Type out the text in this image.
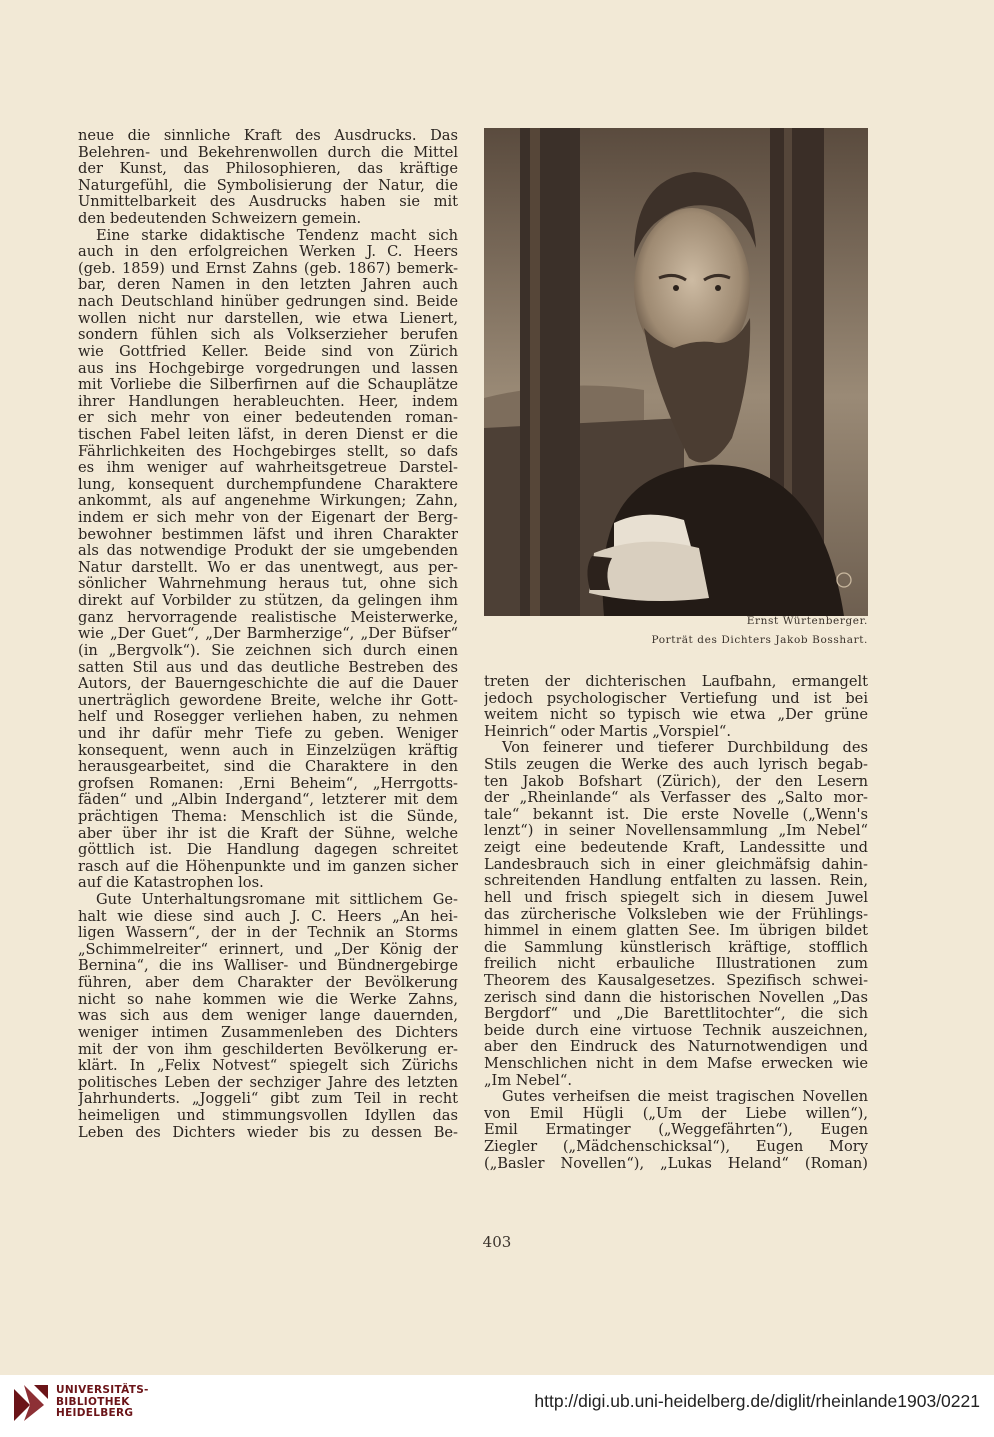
neue die sinnliche Kraft des Ausdrucks. Das
Belehren- und Bekehrenwollen durch die Mittel
der Kunst, das Philosophieren, das kräftige
Naturgefühl, die Symbolisierung der Natur, die
Unmittelbarkeit des Ausdrucks haben sie mit
den bedeutenden Schweizern gemein.
Eine starke didaktische Tendenz macht sich
auch in den erfolgreichen Werken J. C. Heers
(geb. 1859) und Ernst Zahns (geb. 1867) bemerk-
bar, deren Namen in den letzten Jahren auch
nach Deutschland hinüber gedrungen sind. Beide
wollen nicht nur darstellen, wie etwa Lienert,
sondern fühlen sich als Volkserzieher berufen
wie Gottfried Keller. Beide sind von Zürich
aus ins Hochgebirge vorgedrungen und lassen
mit Vorliebe die Silberfirnen auf die Schauplätze
ihrer Handlungen herableuchten. Heer, indem
er sich mehr von einer bedeutenden roman-
tischen Fabel leiten läfst, in deren Dienst er die
Fährlichkeiten des Hochgebirges stellt, so dafs
es ihm weniger auf wahrheitsgetreue Darstel-
lung, konsequent durchempfundene Charaktere
ankommt, als auf angenehme Wirkungen; Zahn,
indem er sich mehr von der Eigenart der Berg-
bewohner bestimmen läfst und ihren Charakter
als das notwendige Produkt der sie umgebenden
Natur darstellt. Wo er das unentwegt, aus per-
sönlicher Wahrnehmung heraus tut, ohne sich
direkt auf Vorbilder zu stützen, da gelingen ihm
ganz hervorragende realistische Meisterwerke,
wie „Der Guet“, „Der Barmherzige“, „Der Büfser“
(in „Bergvolk“). Sie zeichnen sich durch einen
satten Stil aus und das deutliche Bestreben des
Autors, der Bauerngeschichte die auf die Dauer
unerträglich gewordene Breite, welche ihr Gott-
helf und Rosegger verliehen haben, zu nehmen
und ihr dafür mehr Tiefe zu geben. Weniger
konsequent, wenn auch in Einzelzügen kräftig
herausgearbeitet, sind die Charaktere in den
grofsen Romanen: ‚Erni Beheim“, „Herrgotts-
fäden“ und „Albin Indergand“, letzterer mit dem
prächtigen Thema: Menschlich ist die Sünde,
aber über ihr ist die Kraft der Sühne, welche
göttlich ist. Die Handlung dagegen schreitet
rasch auf die Höhenpunkte und im ganzen sicher
auf die Katastrophen los.
Gute Unterhaltungsromane mit sittlichem Ge-
halt wie diese sind auch J. C. Heers „An hei-
ligen Wassern“, der in der Technik an Storms
„Schimmelreiter“ erinnert, und „Der König der
Bernina“, die ins Walliser- und Bündnergebirge
führen, aber dem Charakter der Bevölkerung
nicht so nahe kommen wie die Werke Zahns,
was sich aus dem weniger lange dauernden,
weniger intimen Zusammenleben des Dichters
mit der von ihm geschilderten Bevölkerung er-
klärt. In „Felix Notvest“ spiegelt sich Zürichs
politisches Leben der sechziger Jahre des letzten
Jahrhunderts. „Joggeli“ gibt zum Teil in recht
heimeligen und stimmungsvollen Idyllen das
Leben des Dichters wieder bis zu dessen Be-
Ernst Würtenberger.
Porträt des Dichters Jakob Bosshart.
treten der dichterischen Laufbahn, ermangelt
jedoch psychologischer Vertiefung und ist bei
weitem nicht so typisch wie etwa „Der grüne
Heinrich“ oder Martis „Vorspiel“.
Von feinerer und tieferer Durchbildung des
Stils zeugen die Werke des auch lyrisch begab-
ten Jakob Bofshart (Zürich), der den Lesern
der „Rheinlande“ als Verfasser des „Salto mor-
tale“ bekannt ist. Die erste Novelle („Wenn's
lenzt“) in seiner Novellensammlung „Im Nebel“
zeigt eine bedeutende Kraft, Landessitte und
Landesbrauch sich in einer gleichmäfsig dahin-
schreitenden Handlung entfalten zu lassen. Rein,
hell und frisch spiegelt sich in diesem Juwel
das zürcherische Volksleben wie der Frühlings-
himmel in einem glatten See. Im übrigen bildet
die Sammlung künstlerisch kräftige, stofflich
freilich nicht erbauliche Illustrationen zum
Theorem des Kausalgesetzes. Spezifisch schwei-
zerisch sind dann die historischen Novellen „Das
Bergdorf“ und „Die Barettlitochter“, die sich
beide durch eine virtuose Technik auszeichnen,
aber den Eindruck des Naturnotwendigen und
Menschlichen nicht in dem Mafse erwecken wie
„Im Nebel“.
Gutes verheifsen die meist tragischen Novellen
von Emil Hügli („Um der Liebe willen“),
Emil Ermatinger („Weggefährten“), Eugen
Ziegler („Mädchenschicksal“), Eugen Mory
(„Basler Novellen“), „Lukas Heland“ (Roman)
403
UNIVERSITÄTS-
BIBLIOTHEK
HEIDELBERG
http://digi.ub.uni-heidelberg.de/diglit/rheinlande1903/0221
